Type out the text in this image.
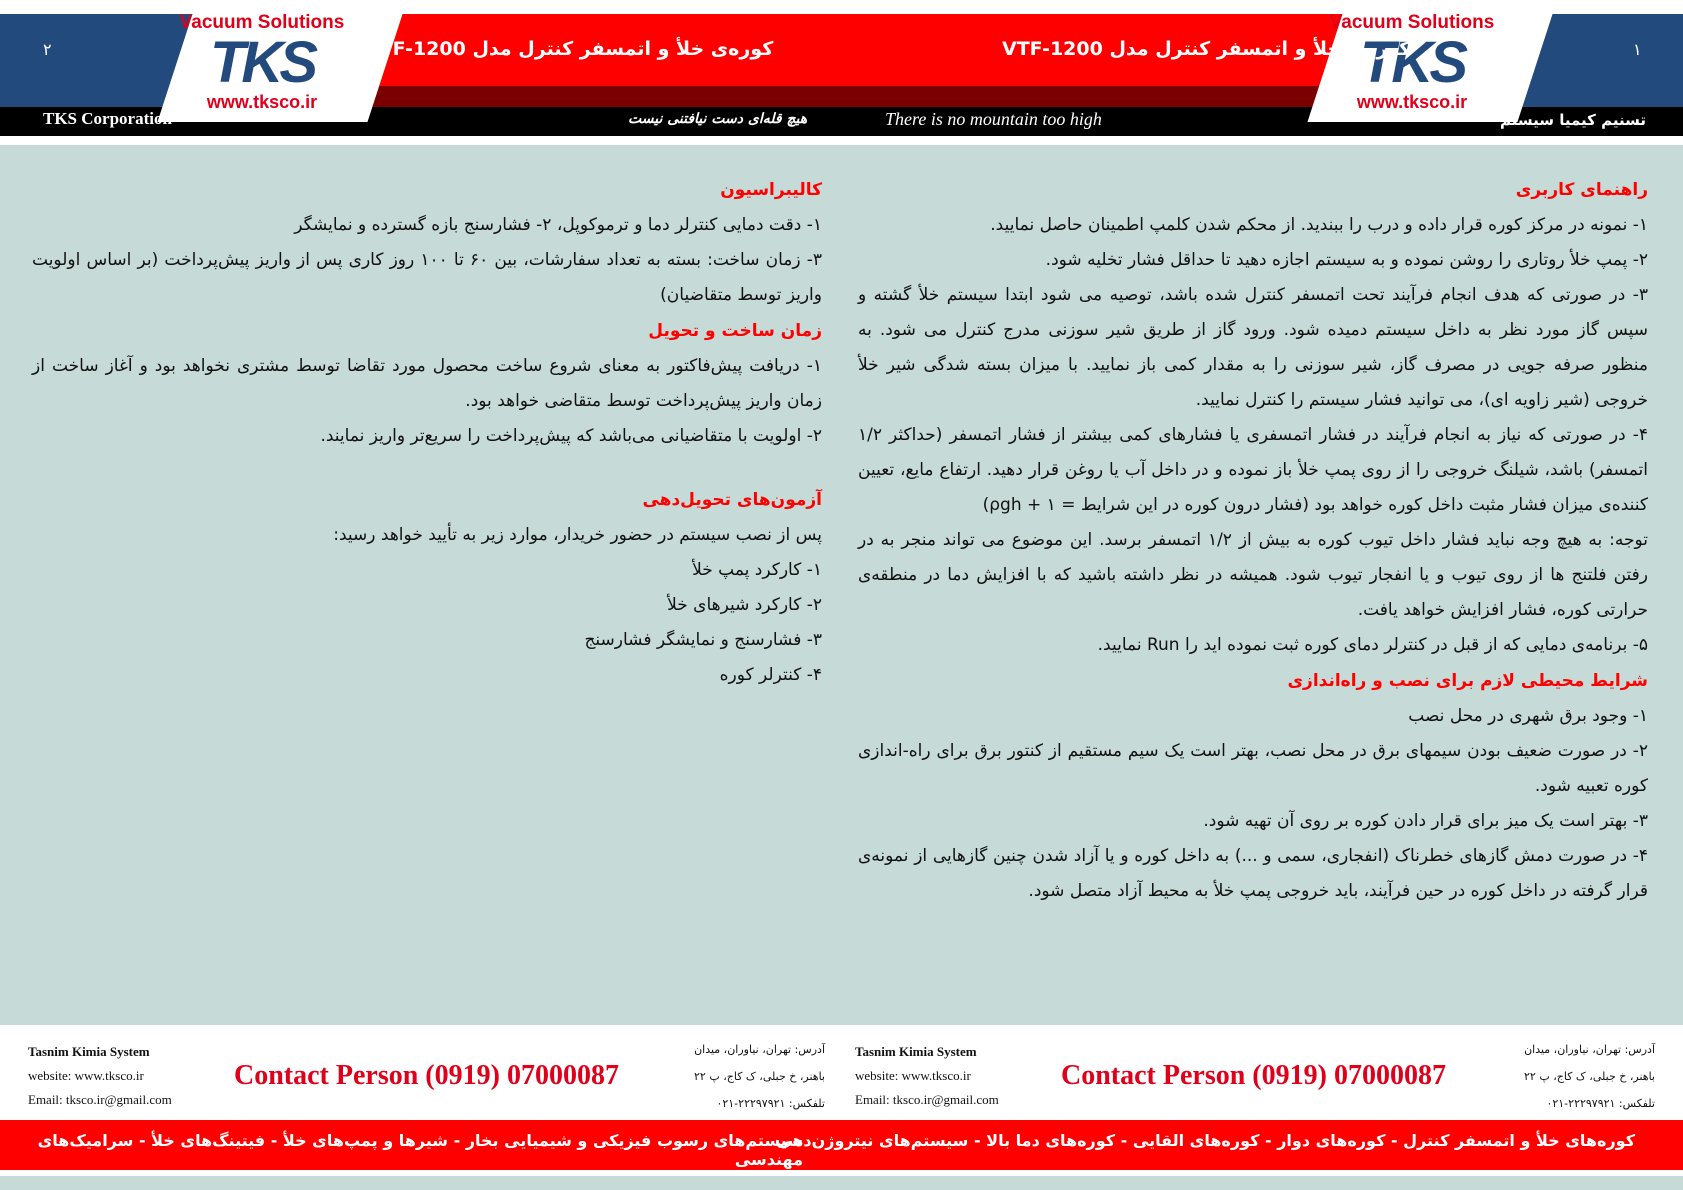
Vacuum Solutions
TKS
www.tksco.ir
Vacuum Solutions
TKS
www.tksco.ir
۲	۱
کوره‌ی خلأ و اتمسفر کنترل مدل VTF-1200	کوره‌ی خلأ و اتمسفر کنترل مدل VTF-1200
TKS Corporation	هیچ قله‌ای دست نیافتنی نیست	There is no mountain too high	تسنیم کیمیا سیستم
راهنمای کاربری

۱- نمونه در مرکز کوره قرار داده و درب را ببندید. از محکم شدن کلمپ اطمینان حاصل نمایید.

۲- پمپ خلأ روتاری را روشن نموده و به سیستم اجازه دهید تا حداقل فشار تخلیه شود.

۳- در صورتی که هدف انجام فرآیند تحت اتمسفر کنترل شده باشد، توصیه می شود ابتدا سیستم خلأ گشته و سپس گاز مورد نظر به داخل سیستم دمیده شود. ورود گاز از طریق شیر سوزنی مدرج کنترل می شود. به منظور صرفه جویی در مصرف گاز، شیر سوزنی را به مقدار کمی باز نمایید. با میزان بسته شدگی شیر خلأ خروجی (شیر زاویه ای)، می توانید فشار سیستم را کنترل نمایید.

۴- در صورتی که نیاز به انجام فرآیند در فشار اتمسفری یا فشارهای کمی بیشتر از فشار اتمسفر (حداکثر ۱/۲ اتمسفر) باشد، شیلنگ خروجی را از روی پمپ خلأ باز نموده و در داخل آب یا روغن قرار دهید. ارتفاع مایع، تعیین کننده‌ی میزان فشار مثبت داخل کوره خواهد بود (فشار درون کوره در این شرایط = ۱ + ρgh)

توجه: به هیچ وجه نباید فشار داخل تیوب کوره به بیش از ۱/۲ اتمسفر برسد. این موضوع می تواند منجر به در رفتن فلتنج ها از روی تیوب و یا انفجار تیوب شود. همیشه در نظر داشته باشید که با افزایش دما در منطقه‌ی حرارتی کوره، فشار افزایش خواهد یافت.

۵- برنامه‌ی دمایی که از قبل در کنترلر دمای کوره ثبت نموده اید را Run نمایید.

شرایط محیطی لازم برای نصب و راه‌اندازی

۱- وجود برق شهری در محل نصب

۲- در صورت ضعیف بودن سیمهای برق در محل نصب، بهتر است یک سیم مستقیم از کنتور برق برای راه-اندازی کوره تعبیه شود.

۳- بهتر است یک میز برای قرار دادن کوره بر روی آن تهیه شود.

۴- در صورت دمش گازهای خطرناک (انفجاری، سمی و ...) به داخل کوره و یا آزاد شدن چنین گازهایی از نمونه‌ی قرار گرفته در داخل کوره در حین فرآیند، باید خروجی پمپ خلأ به محیط آزاد متصل شود.

کالیبراسیون

۱- دقت دمایی کنترلر دما و ترموکوپل، ۲- فشارسنج بازه گسترده و نمایشگر

۳- زمان ساخت: بسته به تعداد سفارشات، بین ۶۰ تا ۱۰۰ روز کاری پس از واریز پیش‌پرداخت (بر اساس اولویت واریز توسط متقاضیان)

زمان ساخت و تحویل

۱- دریافت پیش‌فاکتور به معنای شروع ساخت محصول مورد تقاضا توسط مشتری نخواهد بود و آغاز ساخت از زمان واریز پیش‌پرداخت توسط متقاضی خواهد بود.

۲- اولویت با متقاضیانی می‌باشد که پیش‌پرداخت را سریع‌تر واریز نمایند.

آزمون‌های تحویل‌دهی

پس از نصب سیستم در حضور خریدار، موارد زیر به تأیید خواهد رسید:

۱- کارکرد پمپ خلأ

۲- کارکرد شیرهای خلأ

۳- فشارسنج و نمایشگر فشارسنج

۴- کنترلر کوره

Tasnim Kimia System
website: www.tksco.ir
Email: tksco.ir@gmail.com
Contact Person (0919) 07000087
آدرس: تهران، نیاوران، میدان
باهنر، خ جبلی، ک کاج، پ ۲۲
تلفکس: ۲۲۲۹۷۹۲۱-۰۲۱
Tasnim Kimia System
website: www.tksco.ir
Email: tksco.ir@gmail.com
Contact Person (0919) 07000087
آدرس: تهران، نیاوران، میدان
باهنر، خ جبلی، ک کاج، پ ۲۲
تلفکس: ۲۲۲۹۷۹۲۱-۰۲۱
سیستم‌های رسوب فیزیکی و شیمیایی بخار - شیرها و پمپ‌های خلأ - فیتینگ‌های خلأ - سرامیک‌های مهندسی
کوره‌های خلأ و اتمسفر کنترل - کوره‌های دوار - کوره‌های القایی - کوره‌های دما بالا - سیستم‌های نیتروژن‌دهی
